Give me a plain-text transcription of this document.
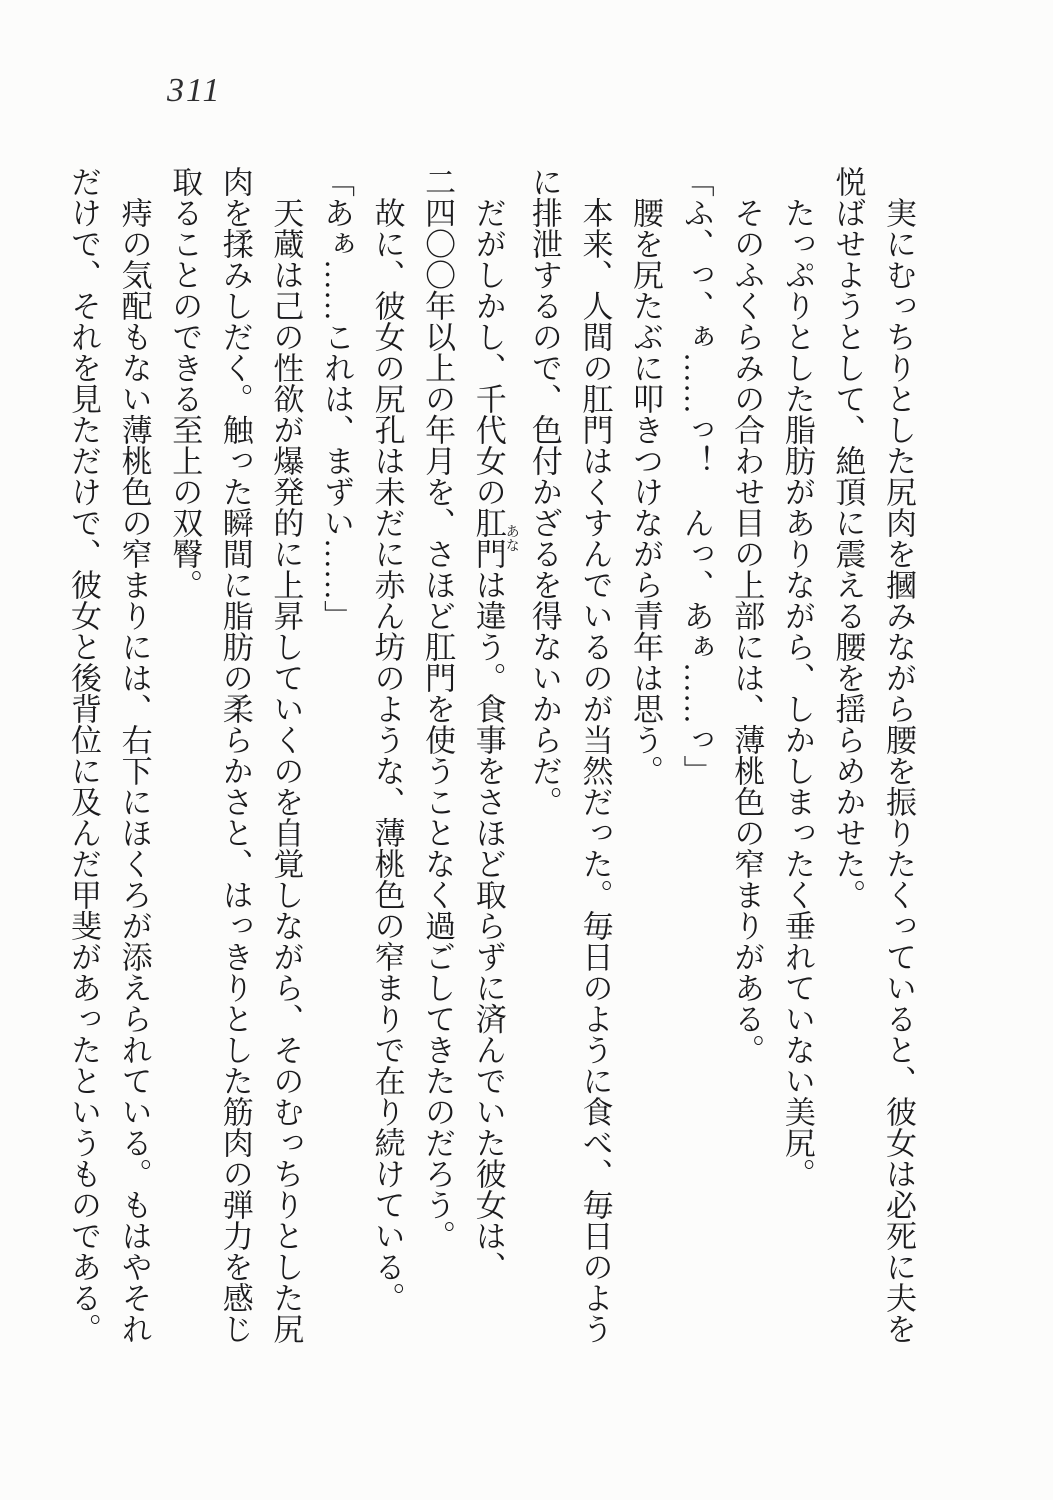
311
実にむっちりとした尻肉を摑みながら腰を振りたくっていると、彼女は必死に夫を
悦ばせようとして、絶頂に震える腰を揺らめかせた。
たっぷりとした脂肪がありながら、しかしまったく垂れていない美尻。
そのふくらみの合わせ目の上部には、薄桃色の窄まりがある。
「ふ、っ、ぁ……っ！　んっ、あぁ……っ」
腰を尻たぶに叩きつけながら青年は思う。
本来、人間の肛門はくすんでいるのが当然だった。毎日のように食べ、毎日のよう
に排泄するので、色付かざるを得ないからだ。
だがしかし、千代女の肛門あなは違う。食事をさほど取らずに済んでいた彼女は、
二四〇〇年以上の年月を、さほど肛門を使うことなく過ごしてきたのだろう。
故に、彼女の尻孔は未だに赤ん坊のような、薄桃色の窄まりで在り続けている。
「あぁ……これは、まずい……」
天蔵は己の性欲が爆発的に上昇していくのを自覚しながら、そのむっちりとした尻
肉を揉みしだく。触った瞬間に脂肪の柔らかさと、はっきりとした筋肉の弾力を感じ
取ることのできる至上の双臀。
痔の気配もない薄桃色の窄まりには、右下にほくろが添えられている。もはやそれ
だけで、それを見ただけで、彼女と後背位に及んだ甲斐があったというものである。
